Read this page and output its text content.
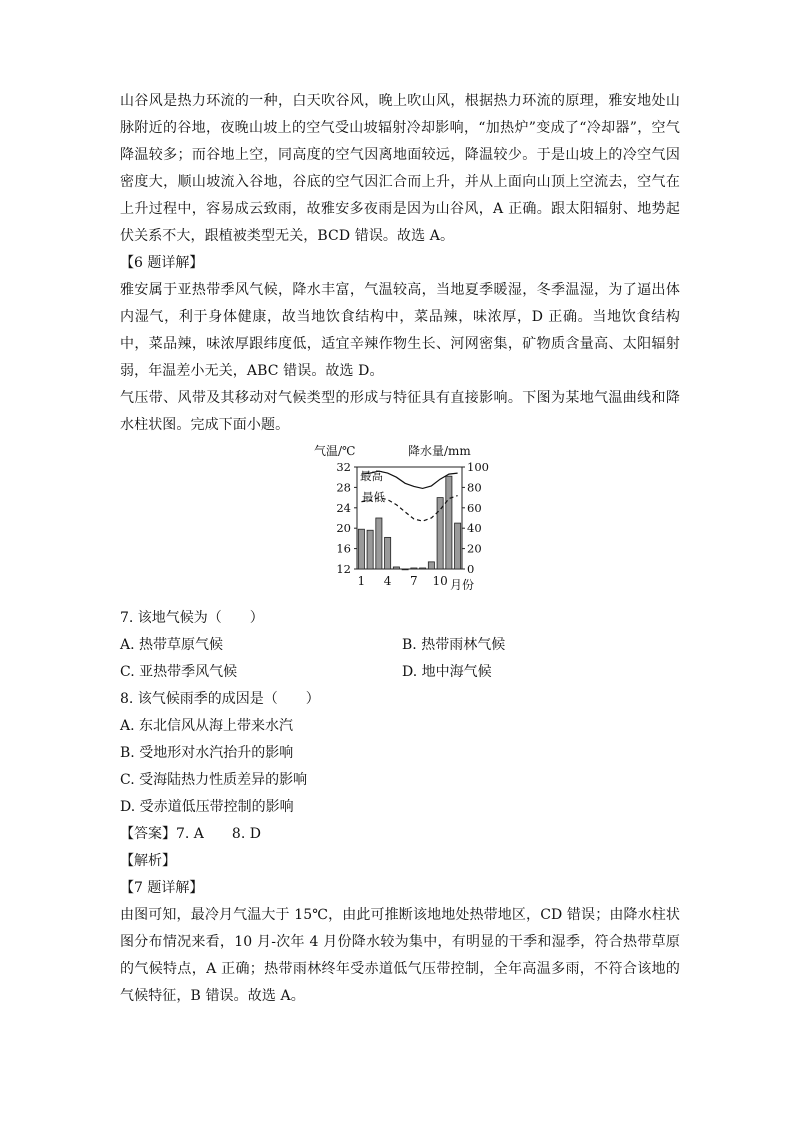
山谷风是热力环流的一种，白天吹谷风，晚上吹山风，根据热力环流的原理，雅安地处山脉附近的谷地，夜晚山坡上的空气受山坡辐射冷却影响，“加热炉”变成了“冷却器”，空气降温较多；而谷地上空，同高度的空气因离地面较远，降温较少。于是山坡上的冷空气因密度大，顺山坡流入谷地，谷底的空气因汇合而上升，并从上面向山顶上空流去，空气在上升过程中，容易成云致雨，故雅安多夜雨是因为山谷风，A 正确。跟太阳辐射、地势起伏关系不大，跟植被类型无关，BCD 错误。故选 A。

【6 题详解】

雅安属于亚热带季风气候，降水丰富，气温较高，当地夏季暖湿，冬季温湿，为了逼出体内湿气，利于身体健康，故当地饮食结构中，菜品辣，味浓厚，D 正确。当地饮食结构中，菜品辣，味浓厚跟纬度低，适宜辛辣作物生长、河网密集，矿物质含量高、太阳辐射弱，年温差小无关，ABC 错误。故选 D。

气压带、风带及其移动对气候类型的形成与特征具有直接影响。下图为某地气温曲线和降水柱状图。完成下面小题。

32	100
28	80
24	60
20	40
16	20
12	0
1 4 7 10
气温/℃	降水量/mm
月份
最高
最低

7. 该地气候为（　　）

A. 热带草原气候	B. 热带雨林气候
C. 亚热带季风气候	D. 地中海气候

8. 该气候雨季的成因是（　　）

A. 东北信风从海上带来水汽

B. 受地形对水汽抬升的影响

C. 受海陆热力性质差异的影响

D. 受赤道低压带控制的影响

【答案】7. A 8. D

【解析】

【7 题详解】

由图可知，最冷月气温大于 15℃，由此可推断该地地处热带地区，CD 错误；由降水柱状图分布情况来看，10 月-次年 4 月份降水较为集中，有明显的干季和湿季，符合热带草原的气候特点，A 正确；热带雨林终年受赤道低气压带控制，全年高温多雨，不符合该地的气候特征，B 错误。故选 A。
